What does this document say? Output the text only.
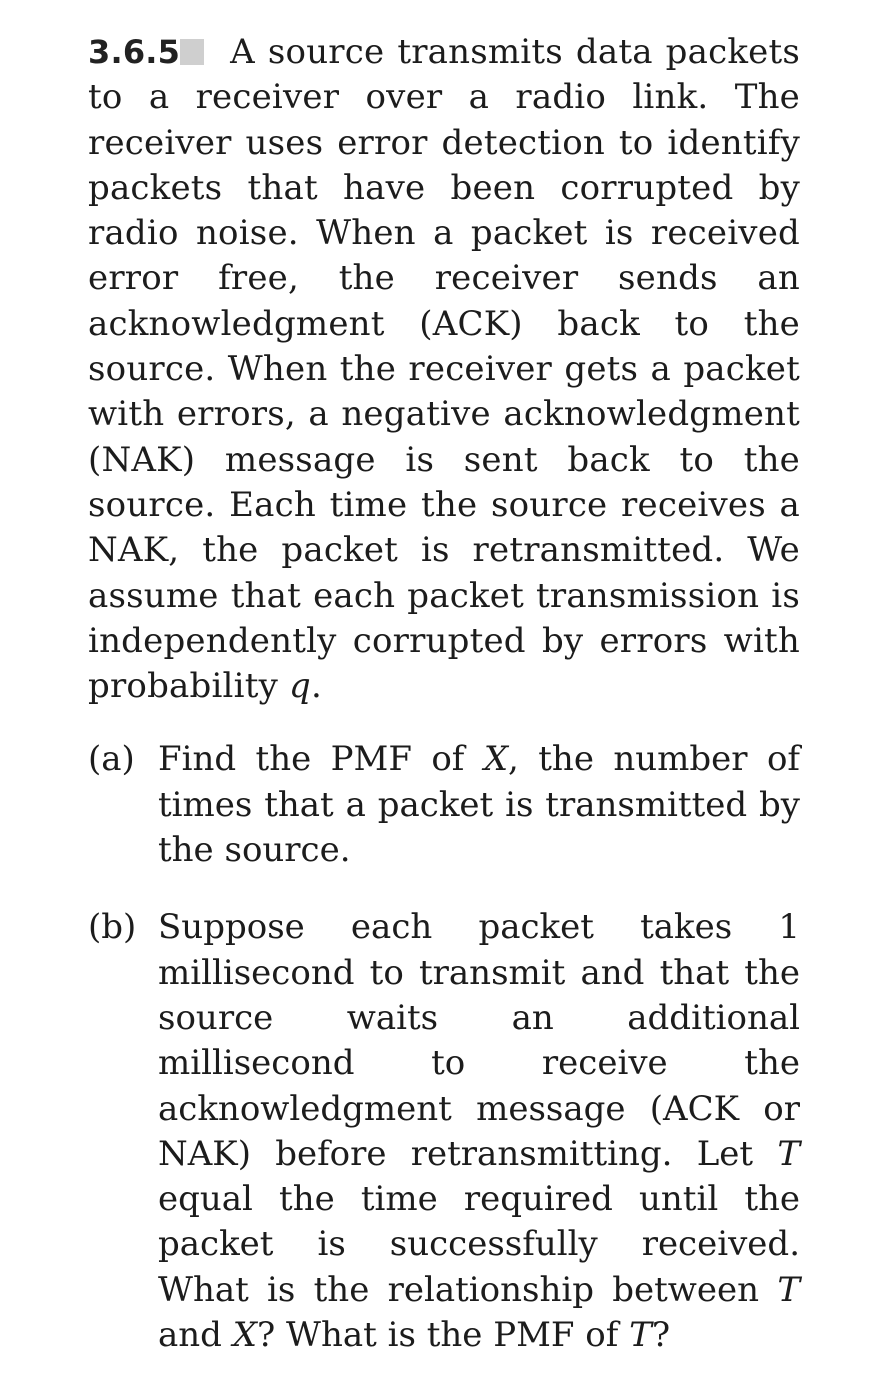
3.6.5 A source transmits data packets to a receiver over a radio link. The receiver uses error detection to identify packets that have been corrupted by radio noise. When a packet is received error free, the receiver sends an acknowledgment (ACK) back to the source. When the receiver gets a packet with errors, a negative acknowledgment (NAK) message is sent back to the source. Each time the source receives a NAK, the packet is retransmitted. We assume that each packet transmission is independently corrupted by errors with probability q.

(a) Find the PMF of X, the number of times that a packet is transmitted by the source.

(b) Suppose each packet takes 1 millisecond to transmit and that the source waits an additional millisecond to receive the acknowledgment message (ACK or NAK) before retransmitting. Let T equal the time required until the packet is successfully received. What is the relationship between T and X? What is the PMF of T?
